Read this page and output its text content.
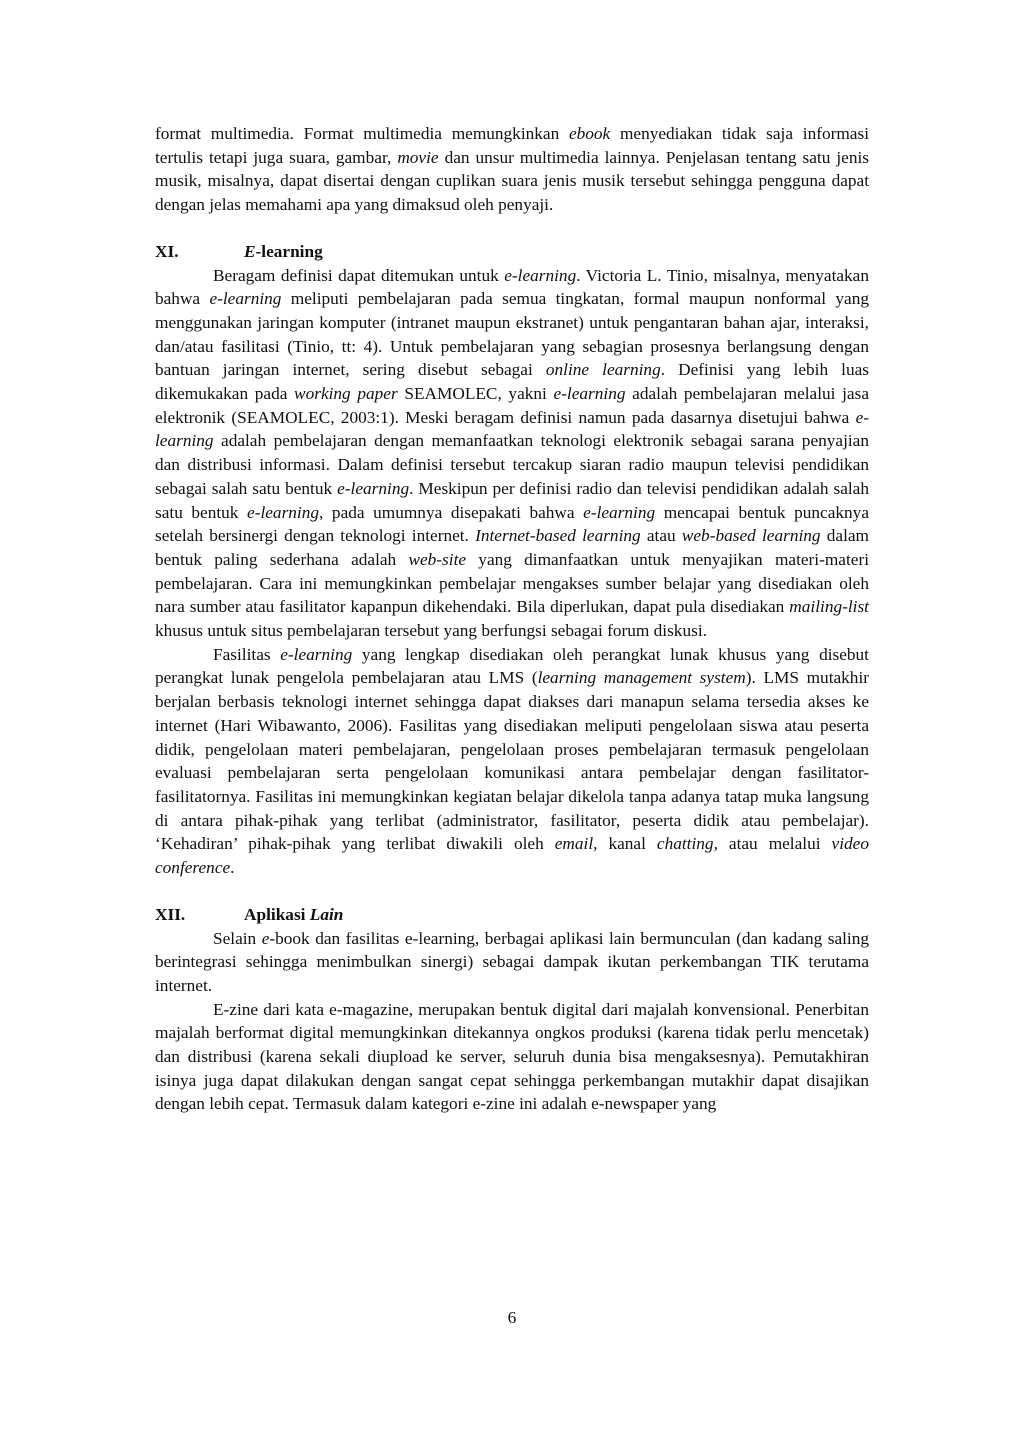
format multimedia. Format multimedia memungkinkan ebook menyediakan tidak saja informasi tertulis tetapi juga suara, gambar, movie dan unsur multimedia lainnya. Penjelasan tentang satu jenis musik, misalnya, dapat disertai dengan cuplikan suara jenis musik tersebut sehingga pengguna dapat dengan jelas memahami apa yang dimaksud oleh penyaji.

XI.	E-learning

Beragam definisi dapat ditemukan untuk e-learning. Victoria L. Tinio, misalnya, menyatakan bahwa e-learning meliputi pembelajaran pada semua tingkatan, formal maupun nonformal yang menggunakan jaringan komputer (intranet maupun ekstranet) untuk pengantaran bahan ajar, interaksi, dan/atau fasilitasi (Tinio, tt: 4). Untuk pembelajaran yang sebagian prosesnya berlangsung dengan bantuan jaringan internet, sering disebut sebagai online learning. Definisi yang lebih luas dikemukakan pada working paper SEAMOLEC, yakni e-learning adalah pembelajaran melalui jasa elektronik (SEAMOLEC, 2003:1). Meski beragam definisi namun pada dasarnya disetujui bahwa e-learning adalah pembelajaran dengan memanfaatkan teknologi elektronik sebagai sarana penyajian dan distribusi informasi. Dalam definisi tersebut tercakup siaran radio maupun televisi pendidikan sebagai salah satu bentuk e-learning. Meskipun per definisi radio dan televisi pendidikan adalah salah satu bentuk e-learning, pada umumnya disepakati bahwa e-learning mencapai bentuk puncaknya setelah bersinergi dengan teknologi internet. Internet-based learning atau web-based learning dalam bentuk paling sederhana adalah web-site yang dimanfaatkan untuk menyajikan materi-materi pembelajaran. Cara ini memungkinkan pembelajar mengakses sumber belajar yang disediakan oleh nara sumber atau fasilitator kapanpun dikehendaki. Bila diperlukan, dapat pula disediakan mailing-list khusus untuk situs pembelajaran tersebut yang berfungsi sebagai forum diskusi.

Fasilitas e-learning yang lengkap disediakan oleh perangkat lunak khusus yang disebut perangkat lunak pengelola pembelajaran atau LMS (learning management system). LMS mutakhir berjalan berbasis teknologi internet sehingga dapat diakses dari manapun selama tersedia akses ke internet (Hari Wibawanto, 2006). Fasilitas yang disediakan meliputi pengelolaan siswa atau peserta didik, pengelolaan materi pembelajaran, pengelolaan proses pembelajaran termasuk pengelolaan evaluasi pembelajaran serta pengelolaan komunikasi antara pembelajar dengan fasilitator-fasilitatornya. Fasilitas ini memungkinkan kegiatan belajar dikelola tanpa adanya tatap muka langsung di antara pihak-pihak yang terlibat (administrator, fasilitator, peserta didik atau pembelajar). ‘Kehadiran’ pihak-pihak yang terlibat diwakili oleh email, kanal chatting, atau melalui video conference.

XII.	Aplikasi Lain

Selain e-book dan fasilitas e-learning, berbagai aplikasi lain bermunculan (dan kadang saling berintegrasi sehingga menimbulkan sinergi) sebagai dampak ikutan perkembangan TIK terutama internet.

E-zine dari kata e-magazine, merupakan bentuk digital dari majalah konvensional. Penerbitan majalah berformat digital memungkinkan ditekannya ongkos produksi (karena tidak perlu mencetak) dan distribusi (karena sekali diupload ke server, seluruh dunia bisa mengaksesnya). Pemutakhiran isinya juga dapat dilakukan dengan sangat cepat sehingga perkembangan mutakhir dapat disajikan dengan lebih cepat. Termasuk dalam kategori e-zine ini adalah e-newspaper yang

6
